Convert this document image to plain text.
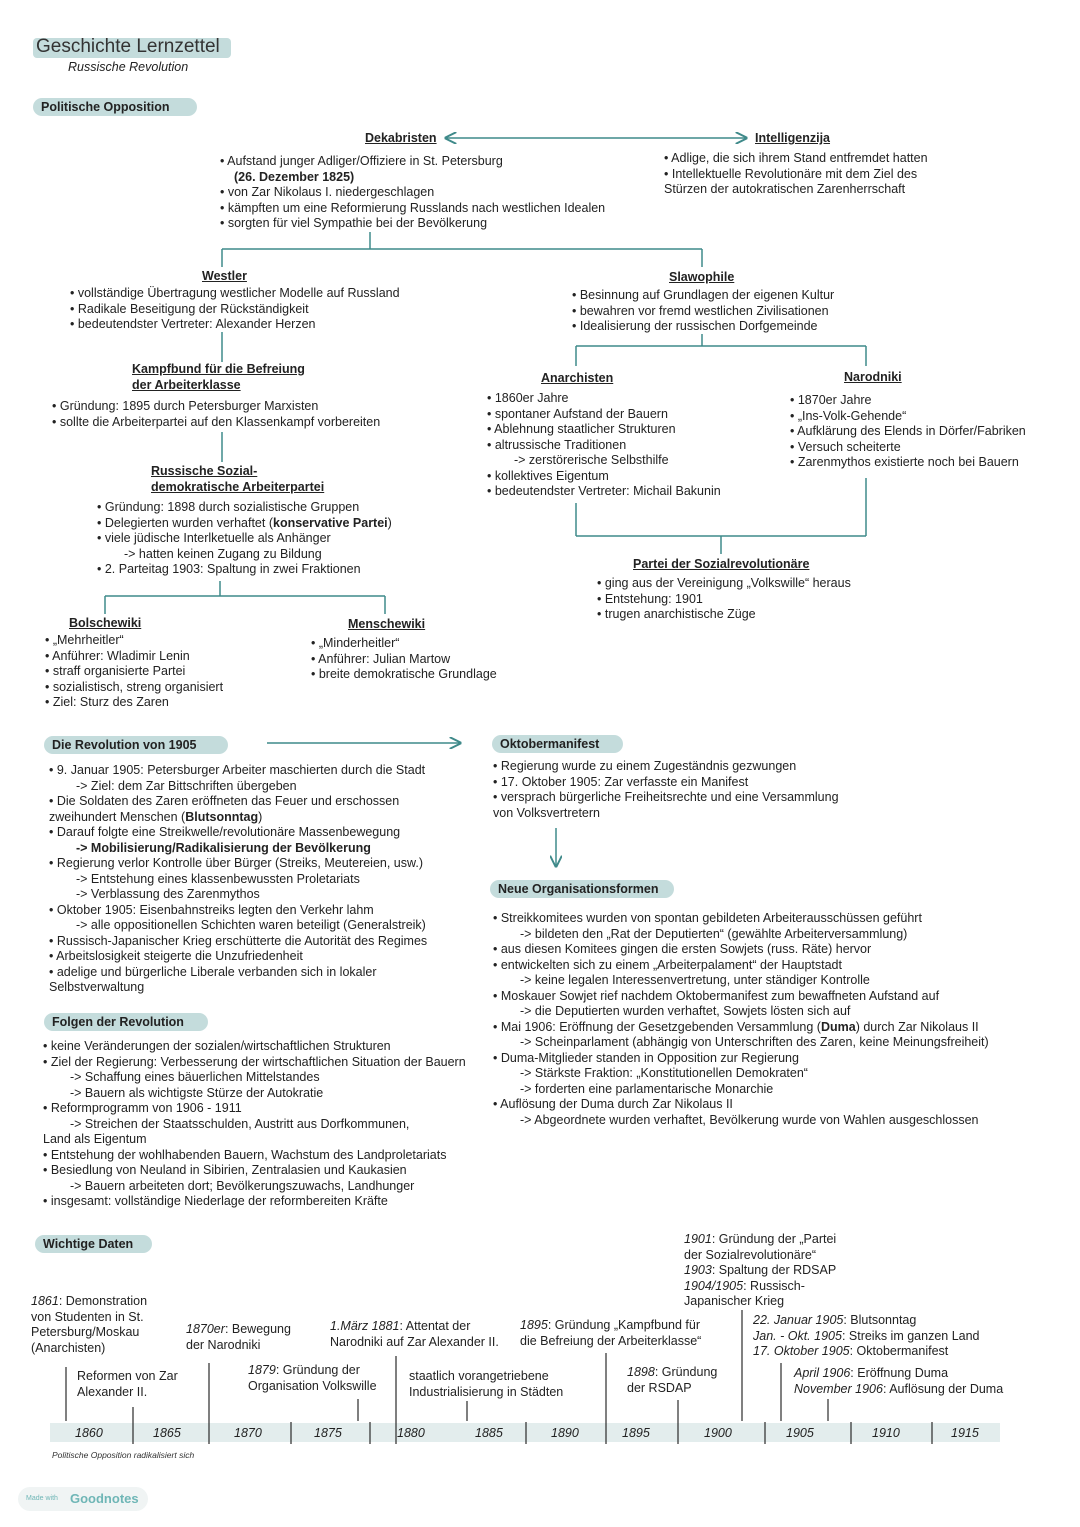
Geschichte Lernzettel
Russische Revolution
Politische Opposition
Dekabristen
• Aufstand junger Adliger/Offiziere in St. Petersburg
(26. Dezember 1825)
• von Zar Nikolaus I. niedergeschlagen
• kämpften um eine Reformierung Russlands nach westlichen Idealen
• sorgten für viel Sympathie bei der Bevölkerung
Intelligenzija
• Adlige, die sich ihrem Stand entfremdet hatten
• Intellektuelle Revolutionäre mit dem Ziel des
Stürzen der autokratischen Zarenherrschaft
Westler
• vollständige Übertragung westlicher Modelle auf Russland
• Radikale Beseitigung der Rückständigkeit
• bedeutendster Vertreter: Alexander Herzen
Slawophile
• Besinnung auf Grundlagen der eigenen Kultur
• bewahren vor fremd westlichen Zivilisationen
• Idealisierung der russischen Dorfgemeinde
Kampfbund für die Befreiung
der Arbeiterklasse
• Gründung: 1895 durch Petersburger Marxisten
• sollte die Arbeiterpartei auf den Klassenkampf vorbereiten
Anarchisten
• 1860er Jahre
• spontaner Aufstand der Bauern
• Ablehnung staatlicher Strukturen
• altrussische Traditionen
-> zerstörerische Selbsthilfe
• kollektives Eigentum
• bedeutendster Vertreter: Michail Bakunin
Narodniki
• 1870er Jahre
• „Ins-Volk-Gehende“
• Aufklärung des Elends in Dörfer/Fabriken
• Versuch scheiterte
• Zarenmythos existierte noch bei Bauern
Russische Sozial-
demokratische Arbeiterpartei
• Gründung: 1898 durch sozialistische Gruppen
• Delegierten wurden verhaftet (konservative Partei)
• viele jüdische Interlketuelle als Anhänger
-> hatten keinen Zugang zu Bildung
• 2. Parteitag 1903: Spaltung in zwei Fraktionen	Partei der Sozialrevolutionäre
• ging aus der Vereinigung „Volkswille“ heraus
• Entstehung: 1901
• trugen anarchistische Züge
Bolschewiki
• „Mehrheitler“
• Anführer: Wladimir Lenin
• straff organisierte Partei
• sozialistisch, streng organisiert
• Ziel: Sturz des Zaren
Menschewiki
• „Minderheitler“
• Anführer: Julian Martow
• breite demokratische Grundlage
Die Revolution von 1905
• 9. Januar 1905: Petersburger Arbeiter maschierten durch die Stadt
-> Ziel: dem Zar Bittschriften übergeben
• Die Soldaten des Zaren eröffneten das Feuer und erschossen
zweihundert Menschen (Blutsonntag)
• Darauf folgte eine Streikwelle/revolutionäre Massenbewegung
-> Mobilisierung/Radikalisierung der Bevölkerung
• Regierung verlor Kontrolle über Bürger (Streiks, Meutereien, usw.)
-> Entstehung eines klassenbewussten Proletariats
-> Verblassung des Zarenmythos
• Oktober 1905: Eisenbahnstreiks legten den Verkehr lahm
-> alle oppositionellen Schichten waren beteiligt (Generalstreik)
• Russisch-Japanischer Krieg erschütterte die Autorität des Regimes
• Arbeitslosigkeit steigerte die Unzufriedenheit
• adelige und bürgerliche Liberale verbanden sich in lokaler
Selbstverwaltung
Oktobermanifest
• Regierung wurde zu einem Zugeständnis gezwungen
• 17. Oktober 1905: Zar verfasste ein Manifest
• versprach bürgerliche Freiheitsrechte und eine Versammlung
von Volksvertretern
Neue Organisationsformen
• Streikkomitees wurden von spontan gebildeten Arbeiterausschüssen geführt
-> bildeten den „Rat der Deputierten“ (gewählte Arbeiterversammlung)
• aus diesen Komitees gingen die ersten Sowjets (russ. Räte) hervor
• entwickelten sich zu einem „Arbeiterpalament“ der Hauptstadt
-> keine legalen Interessenvertretung, unter ständiger Kontrolle
• Moskauer Sowjet rief nachdem Oktobermanifest zum bewaffneten Aufstand auf
-> die Deputierten wurden verhaftet, Sowjets lösten sich auf
• Mai 1906: Eröffnung der Gesetzgebenden Versammlung (Duma) durch Zar Nikolaus II
-> Scheinparlament (abhängig von Unterschriften des Zaren, keine Meinungsfreiheit)
• Duma-Mitglieder standen in Opposition zur Regierung
-> Stärkste Fraktion: „Konstitutionellen Demokraten“
-> forderten eine parlamentarische Monarchie
• Auflösung der Duma durch Zar Nikolaus II
-> Abgeordnete wurden verhaftet, Bevölkerung wurde von Wahlen ausgeschlossen
Folgen der Revolution
• keine Veränderungen der sozialen/wirtschaftlichen Strukturen
• Ziel der Regierung: Verbesserung der wirtschaftlichen Situation der Bauern
-> Schaffung eines bäuerlichen Mittelstandes
-> Bauern als wichtigste Stürze der Autokratie
• Reformprogramm von 1906 - 1911
-> Streichen der Staatsschulden, Austritt aus Dorfkommunen,
Land als Eigentum
• Entstehung der wohlhabenden Bauern, Wachstum des Landproletariats
• Besiedlung von Neuland in Sibirien, Zentralasien und Kaukasien
-> Bauern arbeiteten dort; Bevölkerungszuwachs, Landhunger
• insgesamt: vollständige Niederlage der reformbereiten Kräfte
Wichtige Daten
1861: Demonstration
von Studenten in St.
Petersburg/Moskau
(Anarchisten)
Reformen von Zar
Alexander II.
1870er: Bewegung
der Narodniki
1879: Gründung der
Organisation Volkswille
1.März 1881: Attentat der
Narodniki auf Zar Alexander II.
staatlich vorangetriebene
Industrialisierung in Städten
1895: Gründung „Kampfbund für
die Befreiung der Arbeiterklasse“
1898: Gründung
der RSDAP
1901: Gründung der „Partei
der Sozialrevolutionäre“
1903: Spaltung der RDSAP
1904/1905: Russisch-
Japanischer Krieg
22. Januar 1905: Blutsonntag
Jan. - Okt. 1905: Streiks im ganzen Land
17. Oktober 1905: Oktobermanifest
April 1906: Eröffnung Duma
November 1906: Auflösung der Duma
1860	1865	1870	1875	1880	1885	1890	1895	1900	1905	1910	1915
Politische Opposition radikalisiert sich
Made with Goodnotes
